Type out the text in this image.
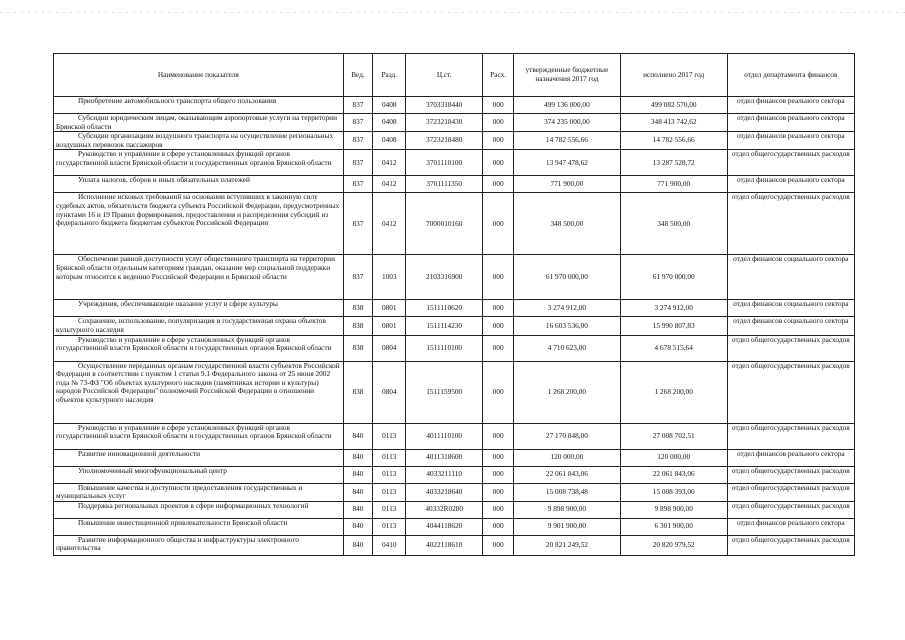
Наименование показателя	Вед.	Разд.	Ц.ст.	Расх.	утвержденные бюджетные назначения 2017 год	исполнено 2017 год	отдел департамента финансов

Приобретение автомобильного транспорта общего пользования	837	0408	3703318440	000	499 136 000,00	499 082 570,00	отдел финансов реального сектора

Субсидии юридическим лицам, оказывающим аэропортовые услуги на территории Брянской области	837	0408	3723218430	000	374 235 000,00	348 413 742,62	отдел финансов реального сектора

Субсидии организациям воздушного транспорта на осуществление региональных воздушных перевозок пассажиров	837	0408	3723218480	000	14 782 556,66	14 782 556,66	отдел финансов реального сектора

Руководство и управление в сфере установленных функций органов государственной власти Брянской области и государственных органов Брянской области	837	0412	3701110100	000	13 947 478,62	13 287 528,72	отдел общегосударственных расходов

Уплата налогов, сборов и иных обязательных платежей	837	0412	3701111350	000	771 900,00	771 900,00	отдел финансов реального сектора

Исполнение исковых требований на основании вступивших в законную силу судебных актов, обязательств бюджета субъекта Российской Федерации, предусмотренных пунктами 16 и 19 Правил формирования, предоставления и распределения субсидий из федерального бюджета бюджетам субъектов Российской Федерации	837	0412	7000010160	000	348 500,00	348 500,00	отдел общегосударственных расходов

Обеспечение равной доступности услуг общественного транспорта на территории Брянской области отдельным категориям граждан, оказание мер социальной поддержки которым относится к ведению Российской Федерации и Брянской области	837	1003	2103316900	000	61 970 000,00	61 970 000,00	отдел финансов социального сектора

Учреждения, обеспечивающие оказание услуг в сфере культуры	838	0801	1511110620	000	3 274 912,00	3 274 912,00	отдел финансов социального сектора

Сохранение, использование, популяризация и государственная охрана объектов культурного наследия	838	0801	1511114230	000	16 603 536,00	15 990 807,83	отдел финансов социального сектора

Руководство и управление в сфере установленных функций органов государственной власти Брянской области и государственных органов Брянской области	838	0804	1511110100	000	4 710 623,00	4 678 515,64	отдел общегосударственных расходов

Осуществление переданных органам государственной власти субъектов Российской Федерации в соответствии с пунктом 1 статьи 9.1 Федерального закона от 25 июня 2002 года № 73-ФЗ "Об объектах культурного наследия (памятниках истории и культуры) народов Российской Федерации" полномочий Российской Федерации в отношении объектов культурного наследия	838	0804	1511159500	000	1 268 200,00	1 268 200,00	отдел общегосударственных расходов

Руководство и управление в сфере установленных функций органов государственной власти Брянской области и государственных органов Брянской области	840	0113	4011110100	000	27 170 848,00	27 008 702,51	отдел общегосударственных расходов

Развитие инновационной деятельности	840	0113	4011318600	000	120 000,00	120 000,00	отдел финансов реального сектора

Уполномоченный многофункциональный центр	840	0113	4033211110	000	22 061 843,06	22 061 843,06	отдел общегосударственных расходов

Повышение качества и доступности предоставления государственных и муниципальных услуг	840	0113	4033218640	000	15 008 738,48	15 008 393,00	отдел общегосударственных расходов

Поддержка региональных проектов в сфере информационных технологий	840	0113	40332R0280	000	9 898 900,00	9 898 900,00	отдел общегосударственных расходов

Повышение инвестиционной привлекательности Брянской области	840	0113	4044118620	000	9 901 900,00	6 301 900,00	отдел финансов реального сектора

Развитие информационного общества и инфраструктуры электронного правительства	840	0410	4022118610	000	20 821 249,52	20 820 979,52	отдел общегосударственных расходов
